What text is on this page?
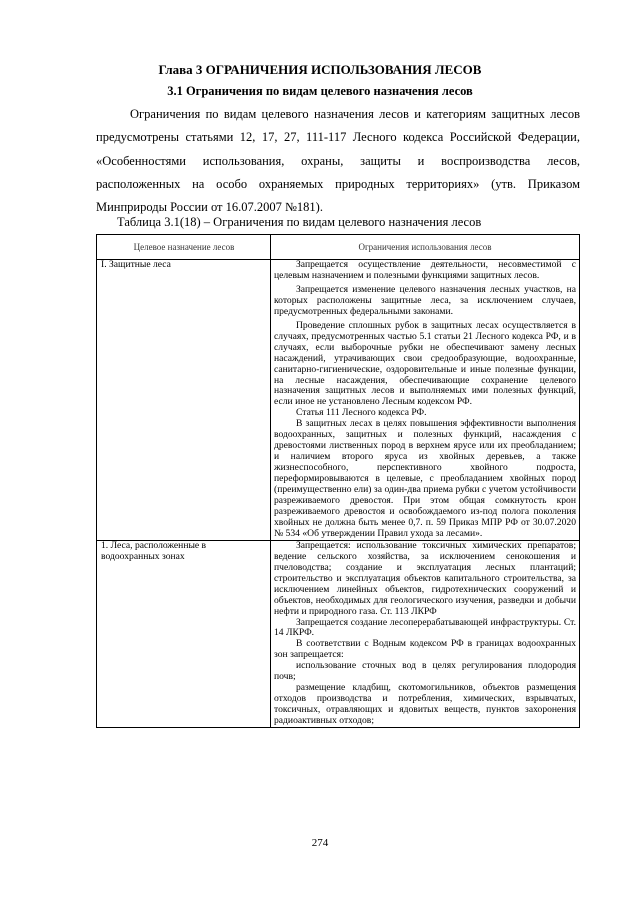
Глава 3 ОГРАНИЧЕНИЯ ИСПОЛЬЗОВАНИЯ ЛЕСОВ
3.1 Ограничения по видам целевого назначения лесов
Ограничения по видам целевого назначения лесов и категориям защитных лесов предусмотрены статьями 12, 17, 27, 111-117 Лесного кодекса Российской Федерации, «Особенностями использования, охраны, защиты и воспроизводства лесов, расположенных на особо охраняемых природных территориях» (утв. Приказом Минприроды России от 16.07.2007 №181).
Таблица 3.1(18) – Ограничения по видам целевого назначения лесов
Целевое назначение лесов	Ограничения использования лесов
I. Защитные леса	Запрещается осуществление деятельности, несовместимой с целевым назначением и полезными функциями защитных лесов.

Запрещается изменение целевого назначения лесных участков, на которых расположены защитные леса, за исключением случаев, предусмотренных федеральными законами.

Проведение сплошных рубок в защитных лесах осуществляется в случаях, предусмотренных частью 5.1 статьи 21 Лесного кодекса РФ, и в случаях, если выборочные рубки не обеспечивают замену лесных насаждений, утрачивающих свои средообразующие, водоохранные, санитарно-гигиенические, оздоровительные и иные полезные функции, на лесные насаждения, обеспечивающие сохранение целевого назначения защитных лесов и выполняемых ими полезных функций, если иное не установлено Лесным кодексом РФ.

Статья 111 Лесного кодекса РФ.

В защитных лесах в целях повышения эффективности выполнения водоохранных, защитных и полезных функций, насаждения с древостоями лиственных пород в верхнем ярусе или их преобладанием; и наличием второго яруса из хвойных деревьев, а также жизнеспособного, перспективного хвойного подроста, переформировываются в целевые, с преобладанием хвойных пород (преимущественно ели) за один-два приема рубки с учетом устойчивости разреживаемого древостоя. При этом общая сомкнутость крон разреживаемого древостоя и освобождаемого из-под полога поколения хвойных не должна быть менее 0,7. п. 59 Приказ МПР РФ от 30.07.2020 № 534 «Об утверждении Правил ухода за лесами».

1. Леса, расположенные в водоохранных зонах	Запрещается: использование токсичных химических препаратов; ведение сельского хозяйства, за исключением сенокошения и пчеловодства; создание и эксплуатация лесных плантаций; строительство и эксплуатация объектов капитального строительства, за исключением линейных объектов, гидротехнических сооружений и объектов, необходимых для геологического изучения, разведки и добычи нефти и природного газа. Ст. 113 ЛКРФ

Запрещается создание лесоперерабатывающей инфраструктуры. Ст. 14 ЛКРФ.

В соответствии с Водным кодексом РФ в границах водоохранных зон запрещается:

использование сточных вод в целях регулирования плодородия почв;

размещение кладбищ, скотомогильников, объектов размещения отходов производства и потребления, химических, взрывчатых, токсичных, отравляющих и ядовитых веществ, пунктов захоронения радиоактивных отходов;

274
